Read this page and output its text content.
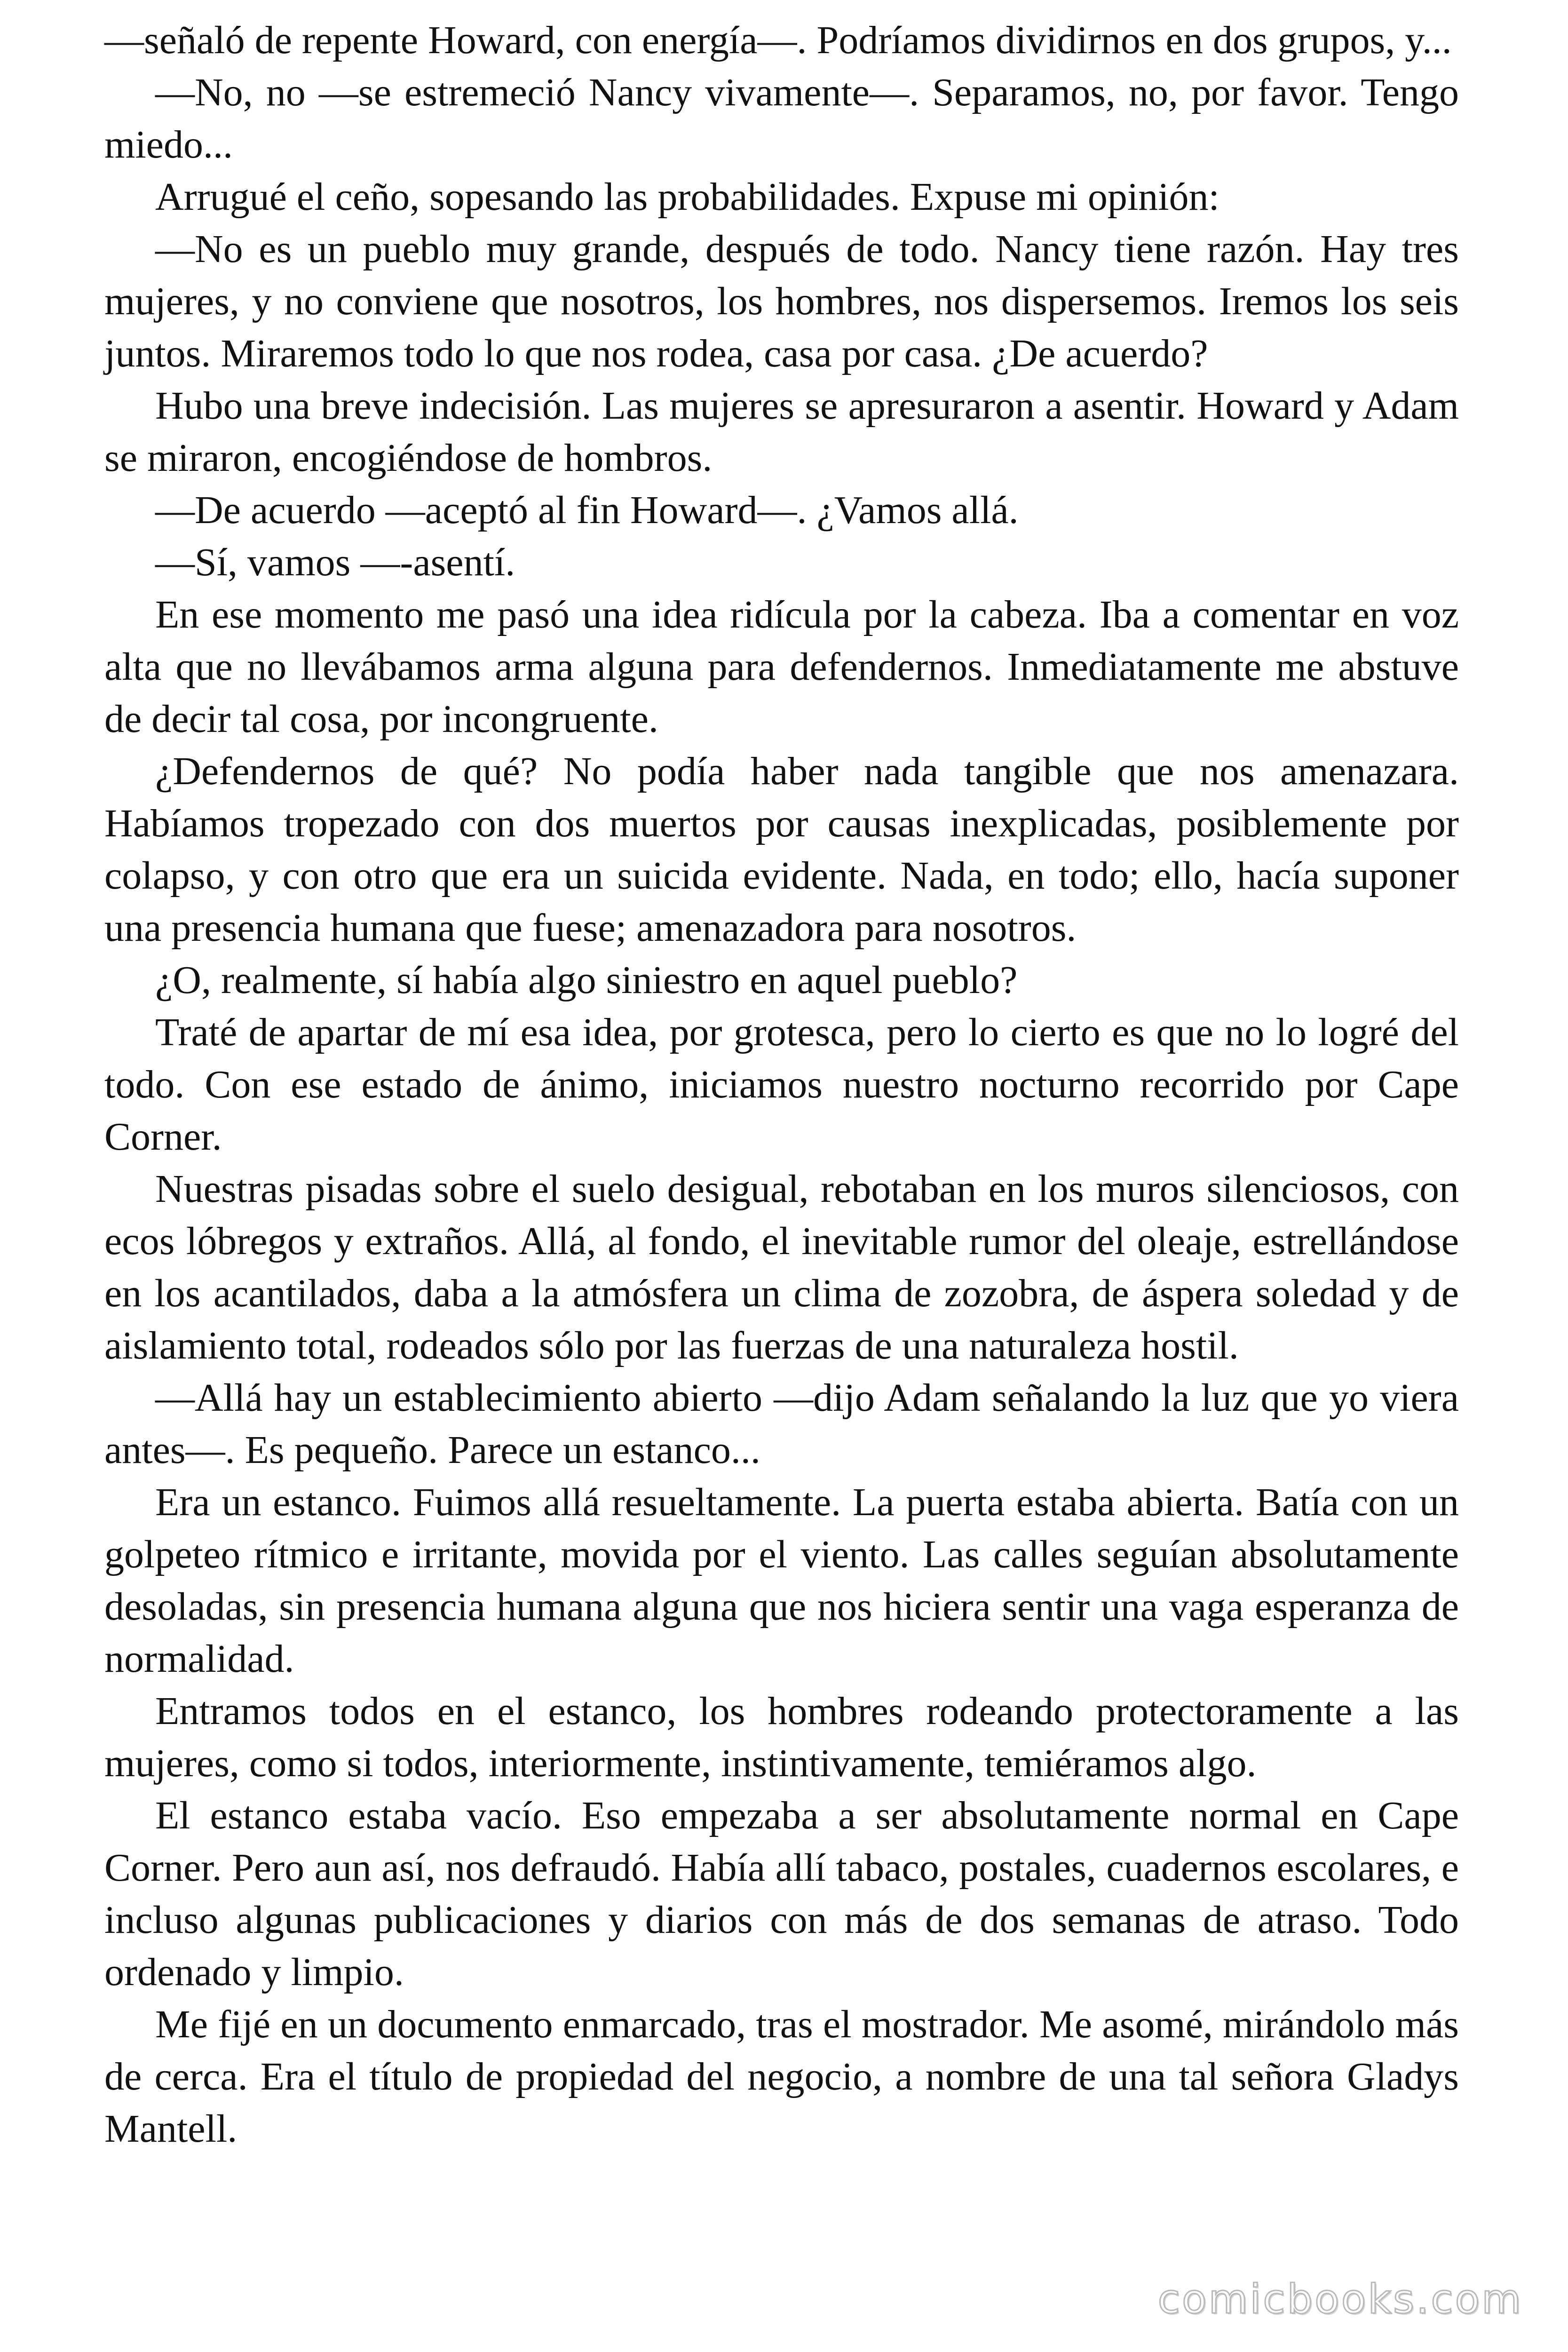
—señaló de repente Howard, con energía—. Podríamos dividirnos en dos grupos, y...

—No, no —se estremeció Nancy vivamente—. Separamos, no, por favor. Tengo miedo...

Arrugué el ceño, sopesando las probabilidades. Expuse mi opinión:

—No es un pueblo muy grande, después de todo. Nancy tiene razón. Hay tres mujeres, y no conviene que nosotros, los hombres, nos dispersemos. Iremos los seis juntos. Miraremos todo lo que nos rodea, casa por casa. ¿De acuerdo?

Hubo una breve indecisión. Las mujeres se apresuraron a asentir. Howard y Adam se miraron, encogiéndose de hombros.

—De acuerdo —aceptó al fin Howard—. ¿Vamos allá.

—Sí, vamos —-asentí.

En ese momento me pasó una idea ridícula por la cabeza. Iba a comentar en voz alta que no llevábamos arma alguna para defendernos. Inmediatamente me abstuve de decir tal cosa, por incongruente.

¿Defendernos de qué? No podía haber nada tangible que nos amenazara. Habíamos tropezado con dos muertos por causas inexplicadas, posiblemente por colapso, y con otro que era un suicida evidente. Nada, en todo; ello, hacía suponer una presencia humana que fuese; amenazadora para nosotros.

¿O, realmente, sí había algo siniestro en aquel pueblo?

Traté de apartar de mí esa idea, por grotesca, pero lo cierto es que no lo logré del todo. Con ese estado de ánimo, iniciamos nuestro nocturno recorrido por Cape Corner.

Nuestras pisadas sobre el suelo desigual, rebotaban en los muros silenciosos, con ecos lóbregos y extraños. Allá, al fondo, el inevitable rumor del oleaje, estrellándose en los acantilados, daba a la atmósfera un clima de zozobra, de áspera soledad y de aislamiento total, rodeados sólo por las fuerzas de una naturaleza hostil.

—Allá hay un establecimiento abierto —dijo Adam señalando la luz que yo viera antes—. Es pequeño. Parece un estanco...

Era un estanco. Fuimos allá resueltamente. La puerta estaba abierta. Batía con un golpeteo rítmico e irritante, movida por el viento. Las calles seguían absolutamente desoladas, sin presencia humana alguna que nos hiciera sentir una vaga esperanza de normalidad.

Entramos todos en el estanco, los hombres rodeando protectoramente a las mujeres, como si todos, interiormente, instintivamente, temiéramos algo.

El estanco estaba vacío. Eso empezaba a ser absolutamente normal en Cape Corner. Pero aun así, nos defraudó. Había allí tabaco, postales, cuadernos escolares, e incluso algunas publicaciones y diarios con más de dos semanas de atraso. Todo ordenado y limpio.

Me fijé en un documento enmarcado, tras el mostrador. Me asomé, mirándolo más de cerca. Era el título de propiedad del negocio, a nombre de una tal señora Gladys Mantell.

comicbooks.com
